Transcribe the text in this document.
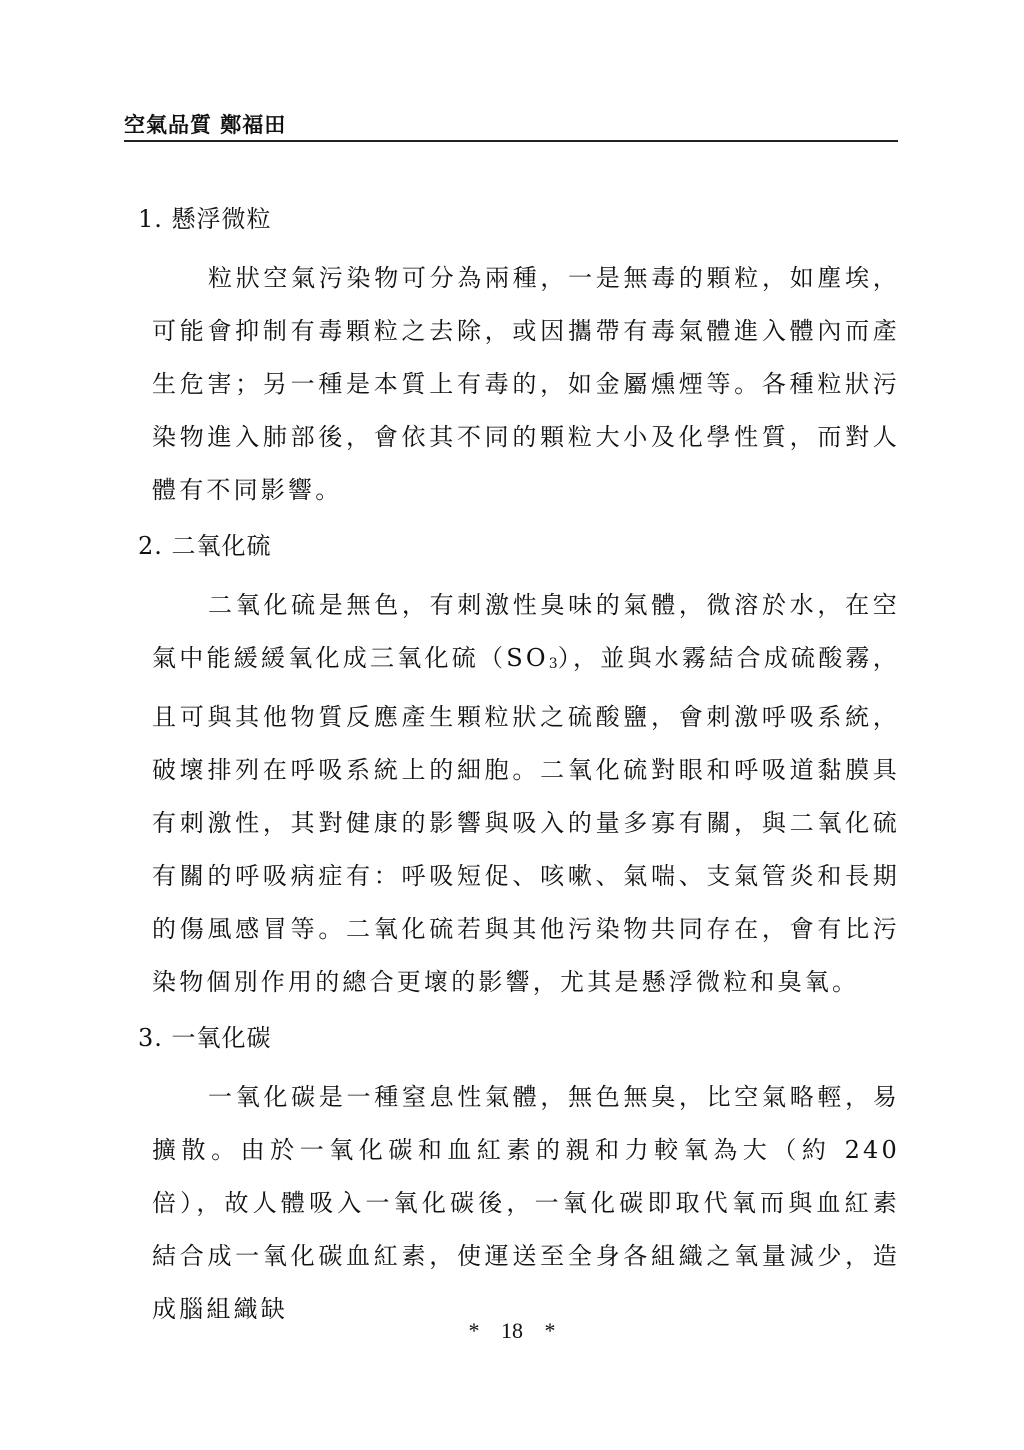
空氣品質 鄭福田
1. 懸浮微粒

粒狀空氣污染物可分為兩種，一是無毒的顆粒，如塵埃，可能會抑制有毒顆粒之去除，或因攜帶有毒氣體進入體內而產生危害；另一種是本質上有毒的，如金屬燻煙等。各種粒狀污染物進入肺部後，會依其不同的顆粒大小及化學性質，而對人體有不同影響。

2. 二氧化硫

二氧化硫是無色，有刺激性臭味的氣體，微溶於水，在空氣中能緩緩氧化成三氧化硫（SO3），並與水霧結合成硫酸霧，且可與其他物質反應產生顆粒狀之硫酸鹽，會刺激呼吸系統，破壞排列在呼吸系統上的細胞。二氧化硫對眼和呼吸道黏膜具有刺激性，其對健康的影響與吸入的量多寡有關，與二氧化硫有關的呼吸病症有：呼吸短促、咳嗽、氣喘、支氣管炎和長期的傷風感冒等。二氧化硫若與其他污染物共同存在，會有比污染物個別作用的總合更壞的影響，尤其是懸浮微粒和臭氧。

3. 一氧化碳

一氧化碳是一種窒息性氣體，無色無臭，比空氣略輕，易擴散。由於一氧化碳和血紅素的親和力較氧為大（約 240 倍），故人體吸入一氧化碳後，一氧化碳即取代氧而與血紅素結合成一氧化碳血紅素，使運送至全身各組織之氧量減少，造成腦組織缺

* 18 *
